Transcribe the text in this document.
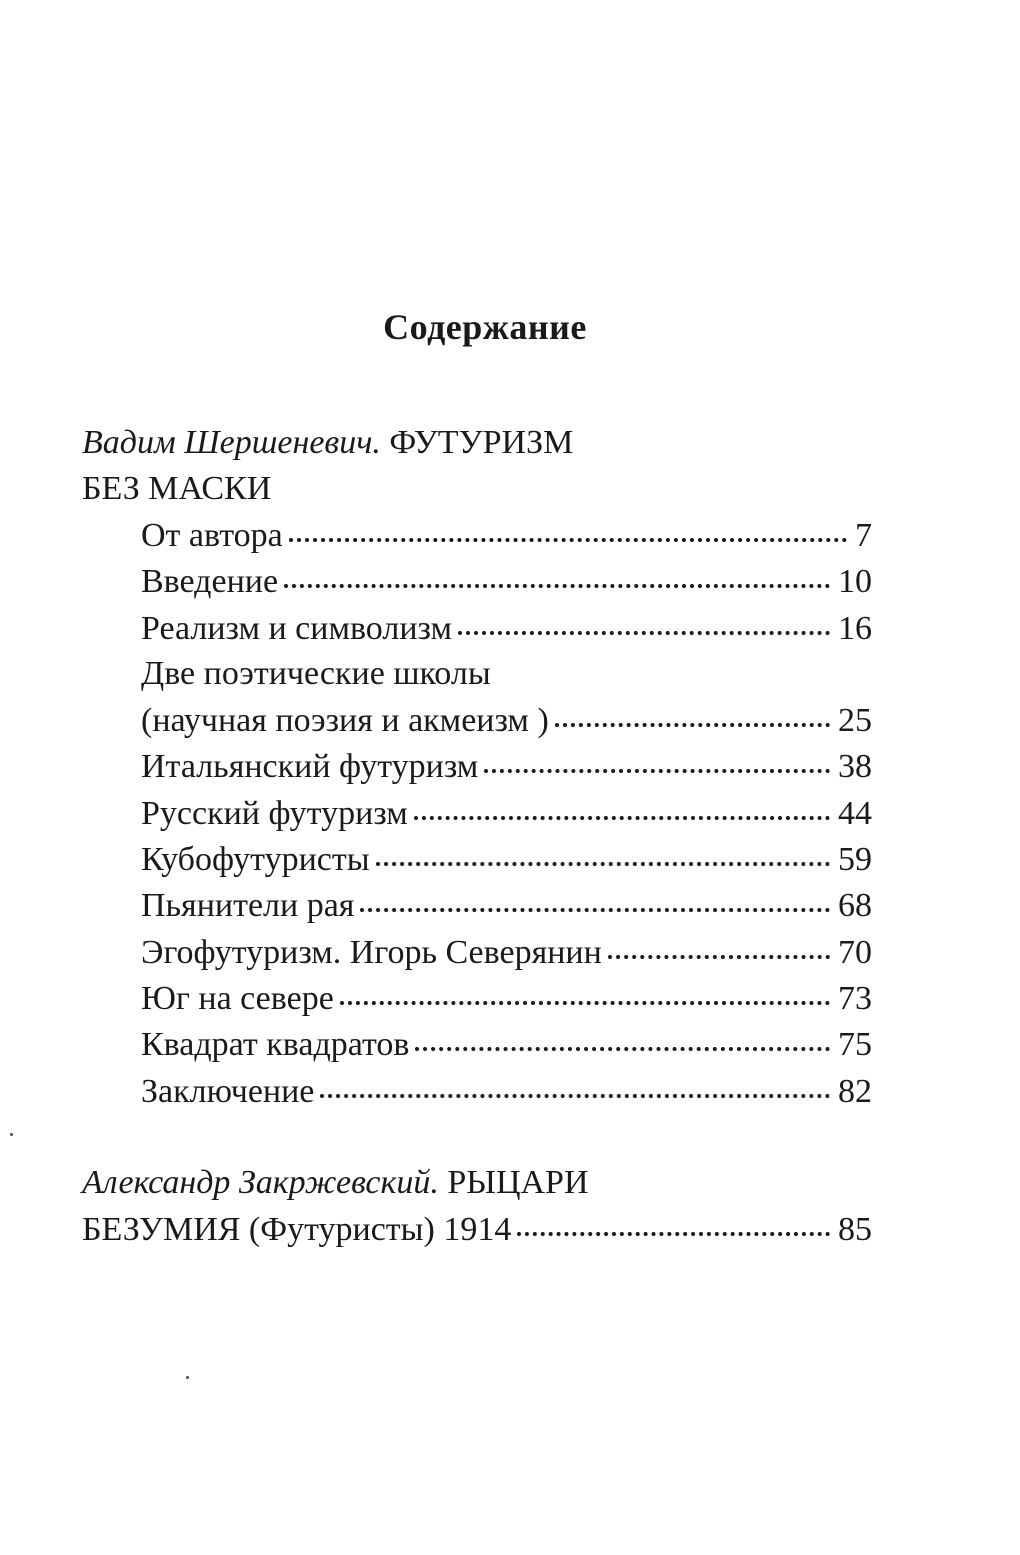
Содержание
Вадим Шершеневич. ФУТУРИЗМ
БЕЗ МАСКИ
От автора	7
Введение	10
Реализм и символизм	16
Две поэтические школы
(научная поэзия и акмеизм )	25
Итальянский футуризм	38
Русский футуризм	44
Кубофутуристы	59
Пьянители рая	68
Эгофутуризм. Игорь Северянин	70
Юг на севере	73
Квадрат квадратов	75
Заключение	82
Александр Закржевский. РЫЦАРИ
БЕЗУМИЯ (Футуристы) 1914	85
